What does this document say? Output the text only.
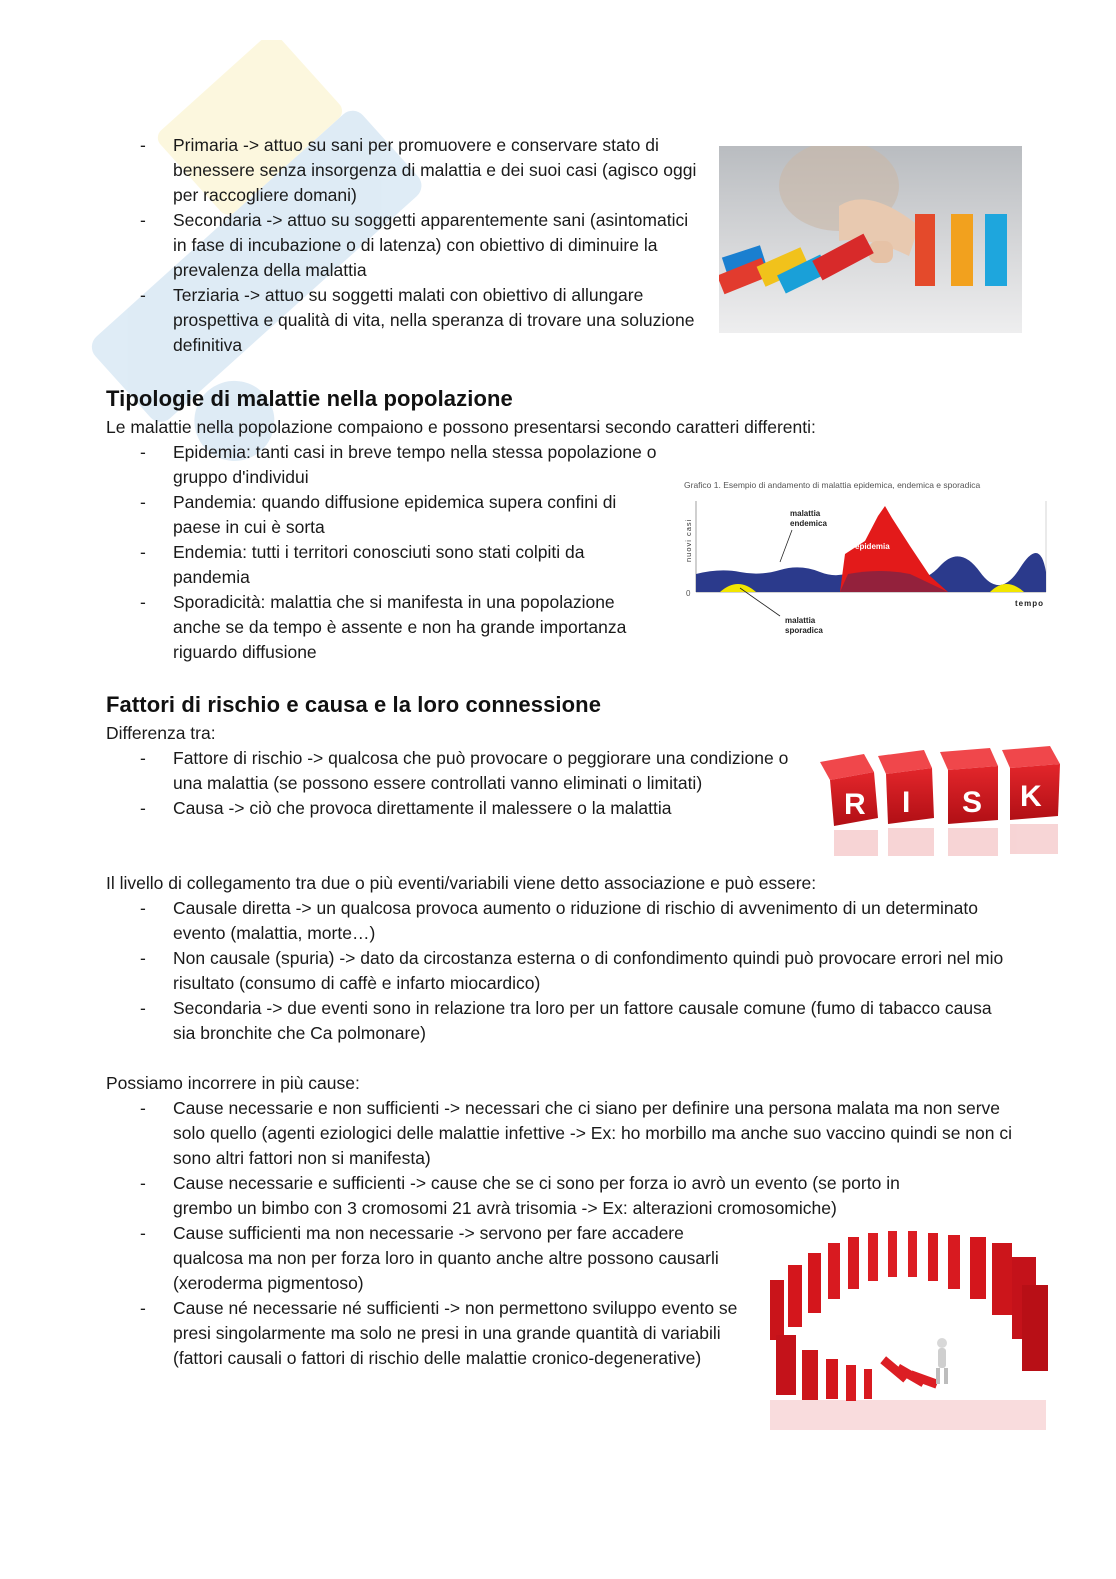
- Primaria -> attuo su sani per promuovere e conservare stato di benessere senza insorgenza di malattia e dei suoi casi (agisco oggi per raccogliere domani)
- Secondaria -> attuo su soggetti apparentemente sani (asintomatici in fase di incubazione o di latenza) con obiettivo di diminuire la prevalenza della malattia
- Terziaria -> attuo su soggetti malati con obiettivo di allungare prospettiva e qualità di vita, nella speranza di trovare una soluzione definitiva
Tipologie di malattie nella popolazione

Le malattie nella popolazione compaiono e possono presentarsi secondo caratteri differenti:

- Epidemia: tanti casi in breve tempo nella stessa popolazione o gruppo d'individui
- Pandemia: quando diffusione epidemica supera confini di paese in cui è sorta
- Endemia: tutti i territori conosciuti sono stati colpiti da pandemia
- Sporadicità: malattia che si manifesta in una popolazione anche se da tempo è assente e non ha grande importanza riguardo diffusione
Grafico 1. Esempio di andamento di malattia epidemica, endemica e sporadica
nuovi casi
0
malattia
endemica
epidemia
tempo
malattia
sporadica
Fattori di rischio e causa e la loro connessione

Differenza tra:

- Fattore di rischio -> qualcosa che può provocare o peggiorare una condizione o una malattia (se possono essere controllati vanno eliminati o limitati)
- Causa -> ciò che provoca direttamente il malessere o la malattia	R I S K

Il livello di collegamento tra due o più eventi/variabili viene detto associazione e può essere:

- Causale diretta -> un qualcosa provoca aumento o riduzione di rischio di avvenimento di un determinato evento (malattia, morte…)
- Non causale (spuria) -> dato da circostanza esterna o di confondimento quindi può provocare errori nel mio risultato (consumo di caffè e infarto miocardico)
- Secondaria -> due eventi sono in relazione tra loro per un fattore causale comune (fumo di tabacco causa sia bronchite che Ca polmonare)

Possiamo incorrere in più cause:

- Cause necessarie e non sufficienti -> necessari che ci siano per definire una persona malata ma non serve solo quello (agenti eziologici delle malattie infettive -> Ex: ho morbillo ma anche suo vaccino quindi se non ci sono altri fattori non si manifesta)
- Cause necessarie e sufficienti -> cause che se ci sono per forza io avrò un evento (se porto in grembo un bimbo con 3 cromosomi 21 avrà trisomia -> Ex: alterazioni cromosomiche)
- Cause sufficienti ma non necessarie -> servono per fare accadere qualcosa ma non per forza loro in quanto anche altre possono causarli (xeroderma pigmentoso)
- Cause né necessarie né sufficienti -> non permettono sviluppo evento se presi singolarmente ma solo ne presi in una grande quantità di variabili (fattori causali o fattori di rischio delle malattie cronico-degenerative)
